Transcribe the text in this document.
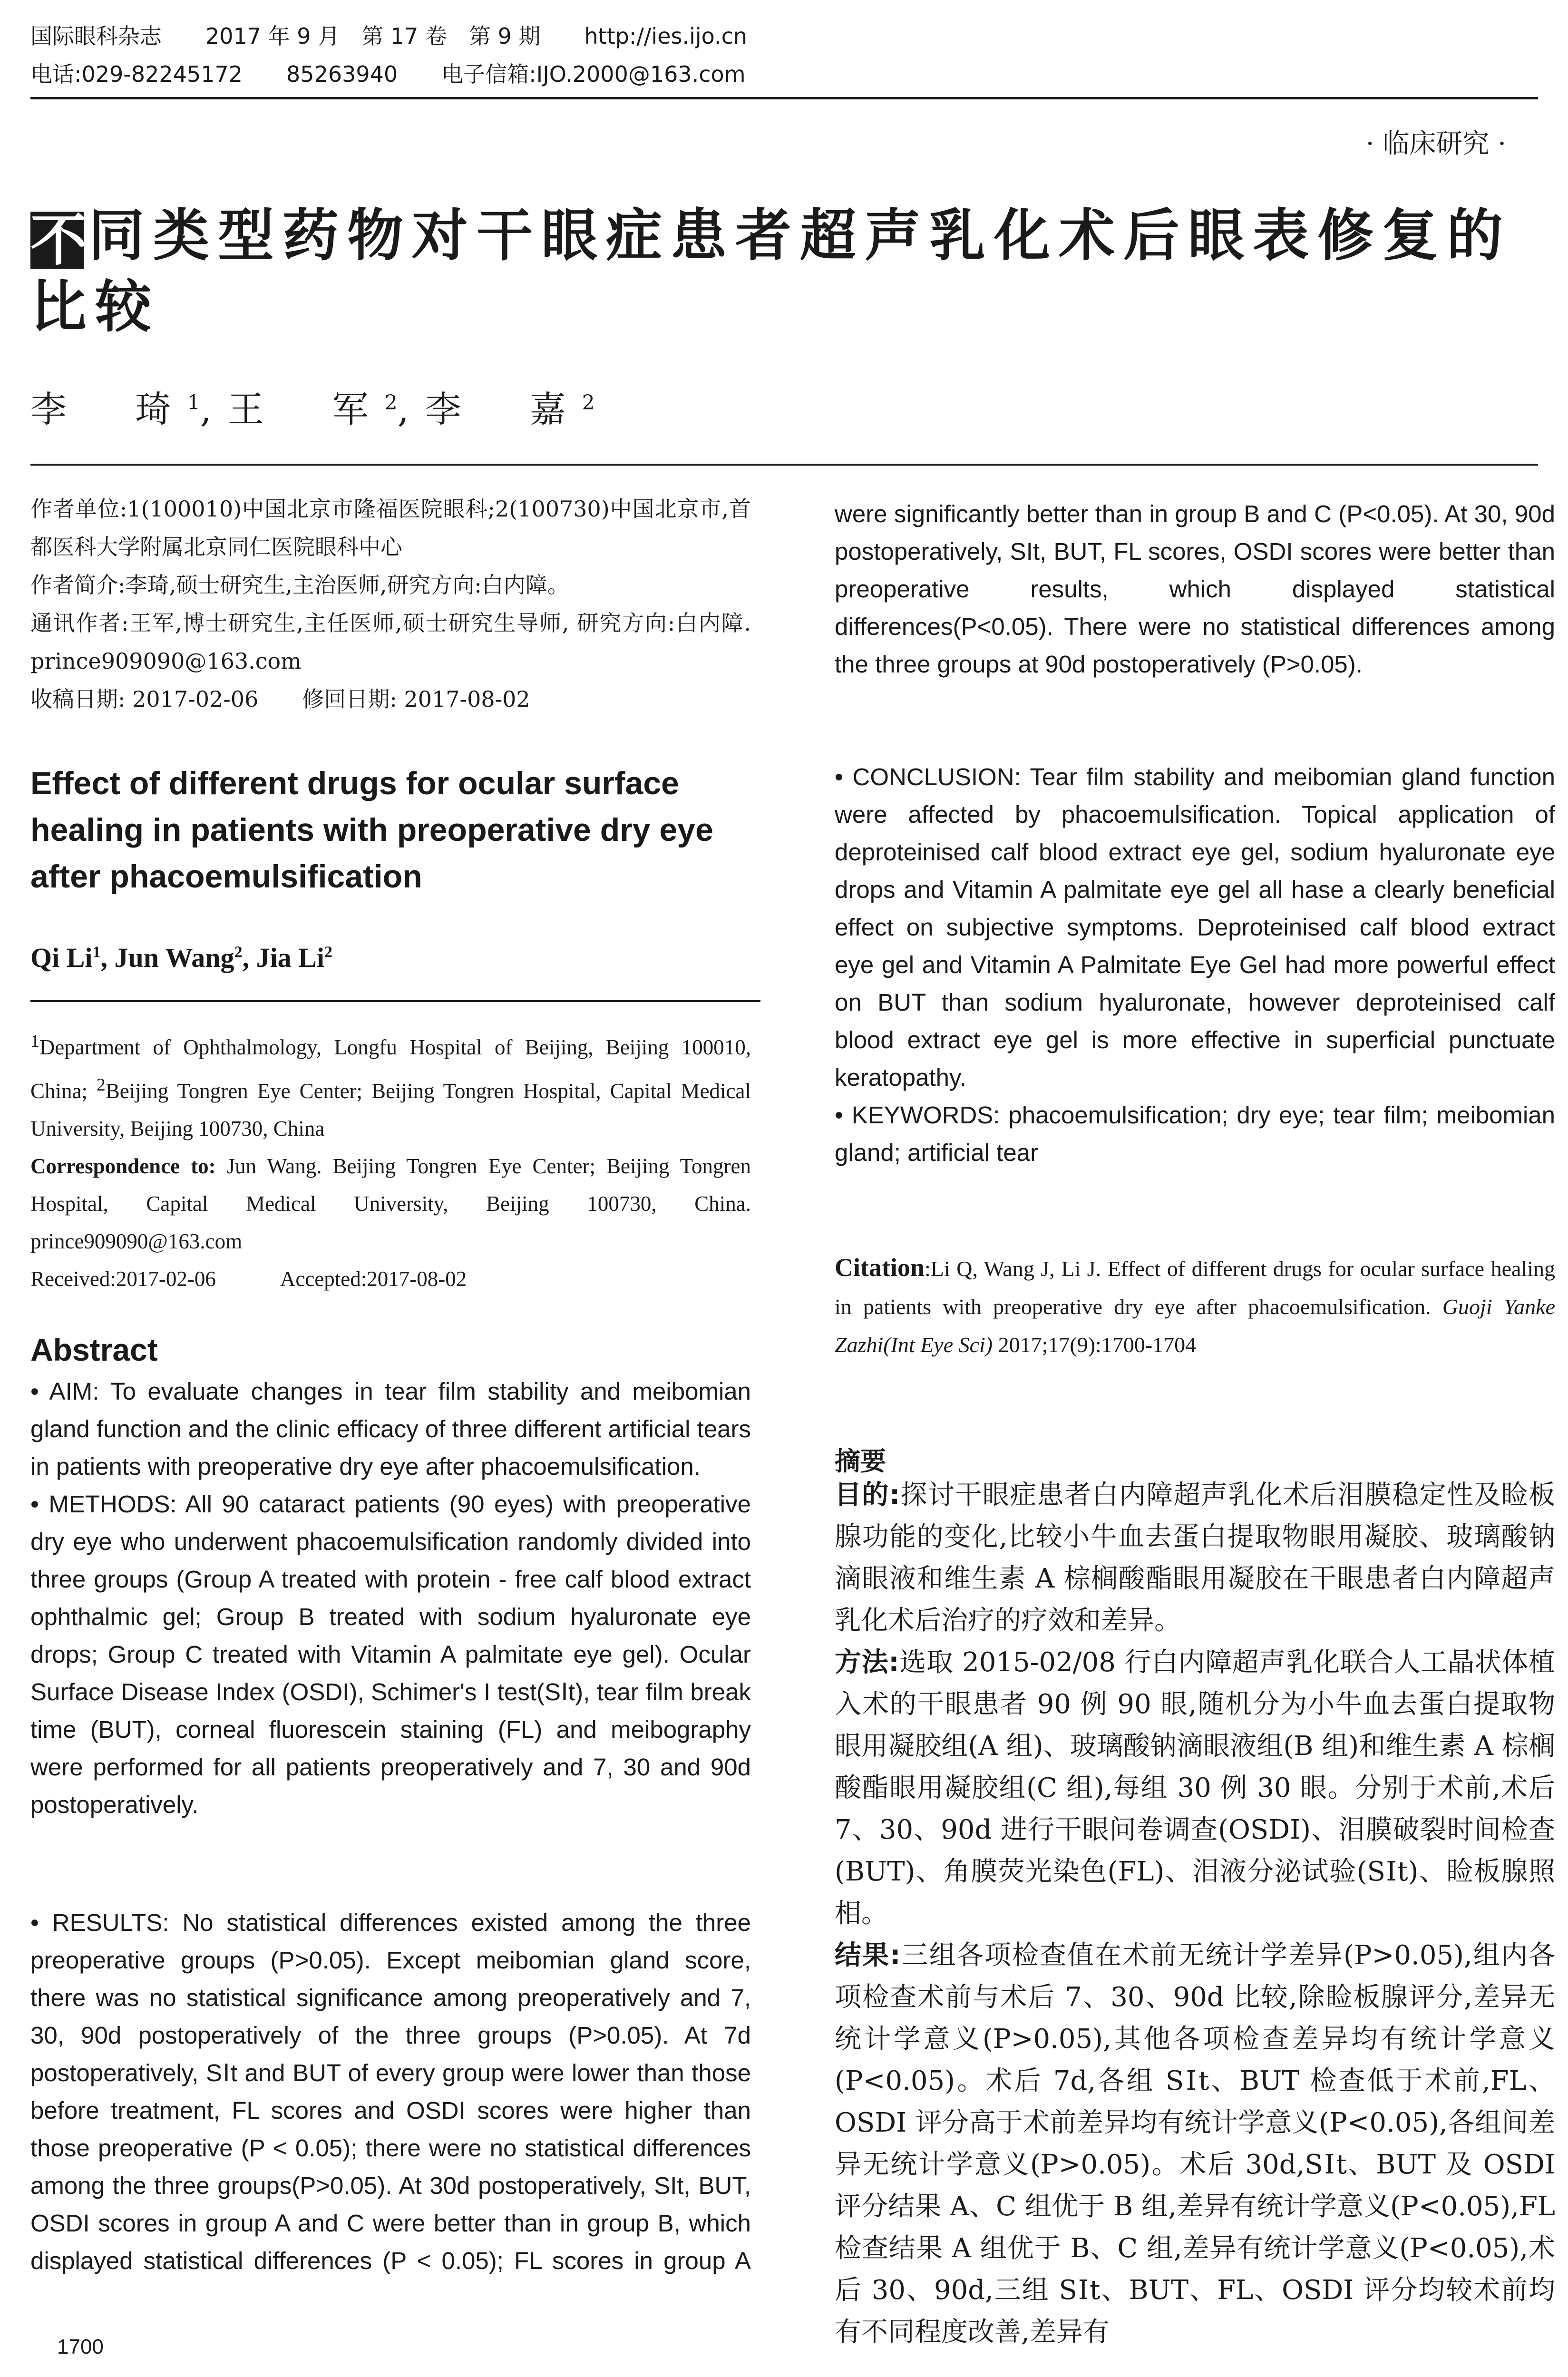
国际眼科杂志　　 2017 年 9 月　第 17 卷　第 9 期　　 http://ies.ijo.cn
电话:029-82245172　　85263940　　 电子信箱:IJO.2000@163.com
· 临床研究 ·
不同类型药物对干眼症患者超声乳化术后眼表修复的
比较
李　琦$^1$,王　军$^2$,李　嘉$^2$
作者单位:1(100010)中国北京市隆福医院眼科;2(100730)中国北京市,首都医科大学附属北京同仁医院眼科中心
作者简介:李琦,硕士研究生,主治医师,研究方向:白内障。
通讯作者:王军,博士研究生,主任医师,硕士研究生导师, 研究方向:白内障. prince909090@163.com
收稿日期: 2017-02-06　　修回日期: 2017-08-02
Effect of different drugs for ocular surface healing in patients with preoperative dry eye after phacoemulsification
Qi Li$^1$, Jun Wang$^2$, Jia Li$^2$
$^1$Department of Ophthalmology, Longfu Hospital of Beijing, Beijing 100010, China; $^2$Beijing Tongren Eye Center; Beijing Tongren Hospital, Capital Medical University, Beijing 100730, China
Correspondence to: Jun Wang. Beijing Tongren Eye Center; Beijing Tongren Hospital, Capital Medical University, Beijing 100730, China. prince909090@163.com
Received:2017-02-06　　　Accepted:2017-08-02
Abstract

• AIM: To evaluate changes in tear film stability and meibomian gland function and the clinic efficacy of three different artificial tears in patients with preoperative dry eye after phacoemulsification.

• METHODS: All 90 cataract patients (90 eyes) with preoperative dry eye who underwent phacoemulsification randomly divided into three groups (Group A treated with protein - free calf blood extract ophthalmic gel; Group B treated with sodium hyaluronate eye drops; Group C treated with Vitamin A palmitate eye gel). Ocular Surface Disease Index (OSDI), Schimer's I test(SⅠt), tear film break time (BUT), corneal fluorescein staining (FL) and meibography were performed for all patients preoperatively and 7, 30 and 90d postoperatively.

• RESULTS: No statistical differences existed among the three preoperative groups (P>0.05). Except meibomian gland score, there was no statistical significance among preoperatively and 7, 30, 90d postoperatively of the three groups (P>0.05). At 7d postoperatively, SⅠt and BUT of every group were lower than those before treatment, FL scores and OSDI scores were higher than those preoperative (P < 0.05); there were no statistical differences among the three groups(P>0.05). At 30d postoperatively, SIt, BUT, OSDI scores in group A and C were better than in group B, which displayed statistical differences (P < 0.05); FL scores in group A
1700
were significantly better than in group B and C (P<0.05). At 30, 90d postoperatively, SIt, BUT, FL scores, OSDI scores were better than preoperative results, which displayed statistical differences(P<0.05). There were no statistical differences among the three groups at 90d postoperatively (P>0.05).

• CONCLUSION: Tear film stability and meibomian gland function were affected by phacoemulsification. Topical application of deproteinised calf blood extract eye gel, sodium hyaluronate eye drops and Vitamin A palmitate eye gel all hase a clearly beneficial effect on subjective symptoms. Deproteinised calf blood extract eye gel and Vitamin A Palmitate Eye Gel had more powerful effect on BUT than sodium hyaluronate, however deproteinised calf blood extract eye gel is more effective in superficial punctuate keratopathy.

• KEYWORDS: phacoemulsification; dry eye; tear film; meibomian gland; artificial tear

Citation:Li Q, Wang J, Li J. Effect of different drugs for ocular surface healing in patients with preoperative dry eye after phacoemulsification. Guoji Yanke Zazhi(Int Eye Sci) 2017;17(9):1700-1704
摘要

目的:探讨干眼症患者白内障超声乳化术后泪膜稳定性及睑板腺功能的变化,比较小牛血去蛋白提取物眼用凝胶、玻璃酸钠滴眼液和维生素 A 棕榈酸酯眼用凝胶在干眼患者白内障超声乳化术后治疗的疗效和差异。

方法:选取 2015-02/08 行白内障超声乳化联合人工晶状体植入术的干眼患者 90 例 90 眼,随机分为小牛血去蛋白提取物眼用凝胶组(A 组)、玻璃酸钠滴眼液组(B 组)和维生素 A 棕榈酸酯眼用凝胶组(C 组),每组 30 例 30 眼。分别于术前,术后 7、30、90d 进行干眼问卷调查(OSDI)、泪膜破裂时间检查(BUT)、角膜荧光染色(FL)、泪液分泌试验(SⅠt)、睑板腺照相。

结果:三组各项检查值在术前无统计学差异(P>0.05),组内各项检查术前与术后 7、30、90d 比较,除睑板腺评分,差异无统计学意义(P>0.05),其他各项检查差异均有统计学意义(P<0.05)。术后 7d,各组 SⅠt、BUT 检查低于术前,FL、OSDI 评分高于术前差异均有统计学意义(P<0.05),各组间差异无统计学意义(P>0.05)。术后 30d,SⅠt、BUT 及 OSDI 评分结果 A、C 组优于 B 组,差异有统计学意义(P<0.05),FL 检查结果 A 组优于 B、C 组,差异有统计学意义(P<0.05),术后 30、90d,三组 SⅠt、BUT、FL、OSDI 评分均较术前均有不同程度改善,差异有
